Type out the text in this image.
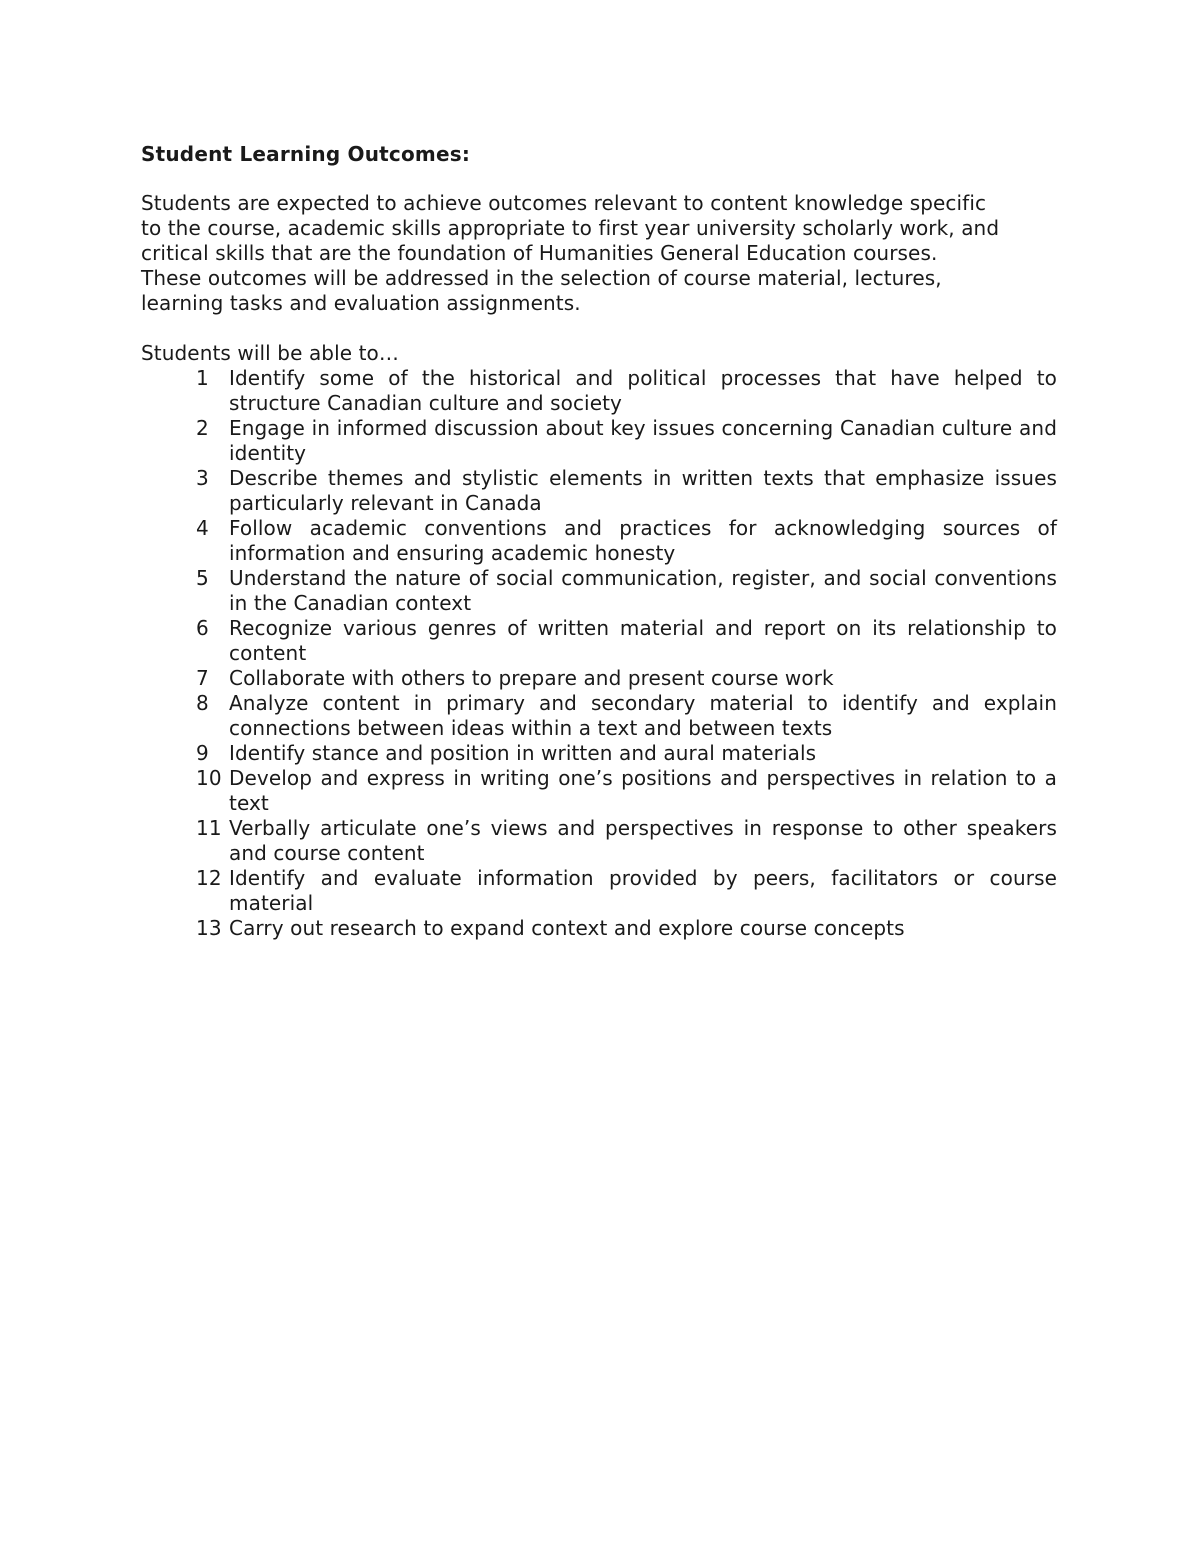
Student Learning Outcomes:
Students are expected to achieve outcomes relevant to content knowledge specific
to the course, academic skills appropriate to first year university scholarly work, and
critical skills that are the foundation of Humanities General Education courses.
These outcomes will be addressed in the selection of course material, lectures,
learning tasks and evaluation assignments.
Students will be able to…
1	Identify some of the historical and political processes that have helped to structure Canadian culture and society
2	Engage in informed discussion about key issues concerning Canadian culture and identity
3	Describe themes and stylistic elements in written texts that emphasize issues particularly relevant in Canada
4	Follow academic conventions and practices for acknowledging sources of information and ensuring academic honesty
5	Understand the nature of social communication, register, and social conventions in the Canadian context
6	Recognize various genres of written material and report on its relationship to content
7	Collaborate with others to prepare and present course work
8	Analyze content in primary and secondary material to identify and explain connections between ideas within a text and between texts
9	Identify stance and position in written and aural materials
10 Develop and express in writing one’s positions and perspectives in relation to a text
11 Verbally articulate one’s views and perspectives in response to other speakers and course content
12 Identify and evaluate information provided by peers, facilitators or course material
13 Carry out research to expand context and explore course concepts
